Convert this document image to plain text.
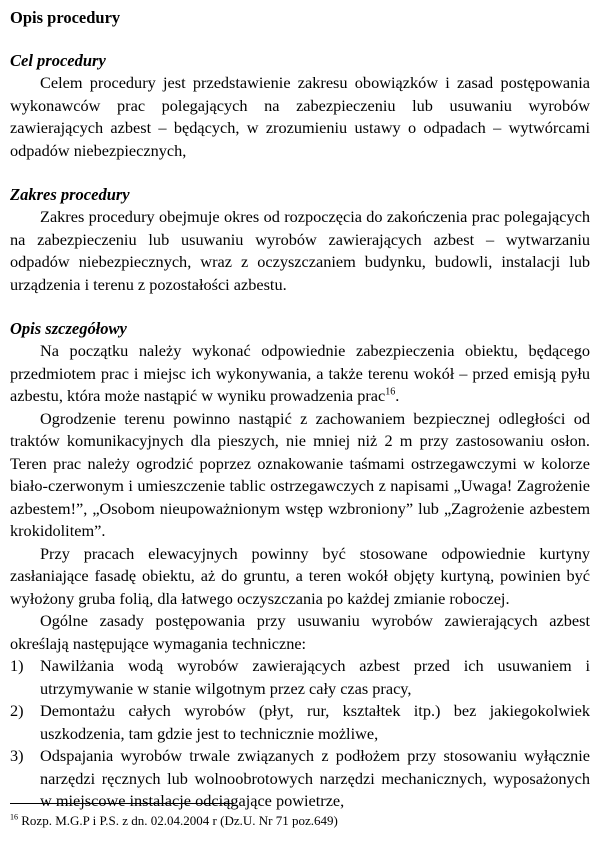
Opis procedury
Cel procedury

Celem procedury jest przedstawienie zakresu obowiązków i zasad postępowania wykonawców prac polegających na zabezpieczeniu lub usuwaniu wyrobów zawierających azbest – będących, w zrozumieniu ustawy o odpadach – wytwórcami odpadów niebezpiecznych,

Zakres procedury

Zakres procedury obejmuje okres od rozpoczęcia do zakończenia prac polegających na zabezpieczeniu lub usuwaniu wyrobów zawierających azbest – wytwarzaniu odpadów niebezpiecznych, wraz z oczyszczaniem budynku, budowli, instalacji lub urządzenia i terenu z pozostałości azbestu.

Opis szczegółowy

Na początku należy wykonać odpowiednie zabezpieczenia obiektu, będącego przedmiotem prac i miejsc ich wykonywania, a także terenu wokół – przed emisją pyłu azbestu, która może nastąpić w wyniku prowadzenia prac$^{16}$.

Ogrodzenie terenu powinno nastąpić z zachowaniem bezpiecznej odległości od traktów komunikacyjnych dla pieszych, nie mniej niż 2 m przy zastosowaniu osłon. Teren prac należy ogrodzić poprzez oznakowanie taśmami ostrzegawczymi w kolorze biało-czerwonym i umieszczenie tablic ostrzegawczych z napisami „Uwaga! Zagrożenie azbestem!”, „Osobom nieupoważnionym wstęp wzbroniony” lub „Zagrożenie azbestem krokidolitem”.

Przy pracach elewacyjnych powinny być stosowane odpowiednie kurtyny zasłaniające fasadę obiektu, aż do gruntu, a teren wokół objęty kurtyną, powinien być wyłożony gruba folią, dla łatwego oczyszczania po każdej zmianie roboczej.

Ogólne zasady postępowania przy usuwaniu wyrobów zawierających azbest określają następujące wymagania techniczne:

1) Nawilżania wodą wyrobów zawierających azbest przed ich usuwaniem i utrzymywanie w stanie wilgotnym przez cały czas pracy,
2) Demontażu całych wyrobów (płyt, rur, kształtek itp.) bez jakiegokolwiek uszkodzenia, tam gdzie jest to technicznie możliwe,
3) Odspajania wyrobów trwale związanych z podłożem przy stosowaniu wyłącznie narzędzi ręcznych lub wolnoobrotowych narzędzi mechanicznych, wyposażonych w miejscowe instalacje odciągające powietrze,
$^{16}$ Rozp. M.G.P i P.S. z dn. 02.04.2004 r (Dz.U. Nr 71 poz.649)
